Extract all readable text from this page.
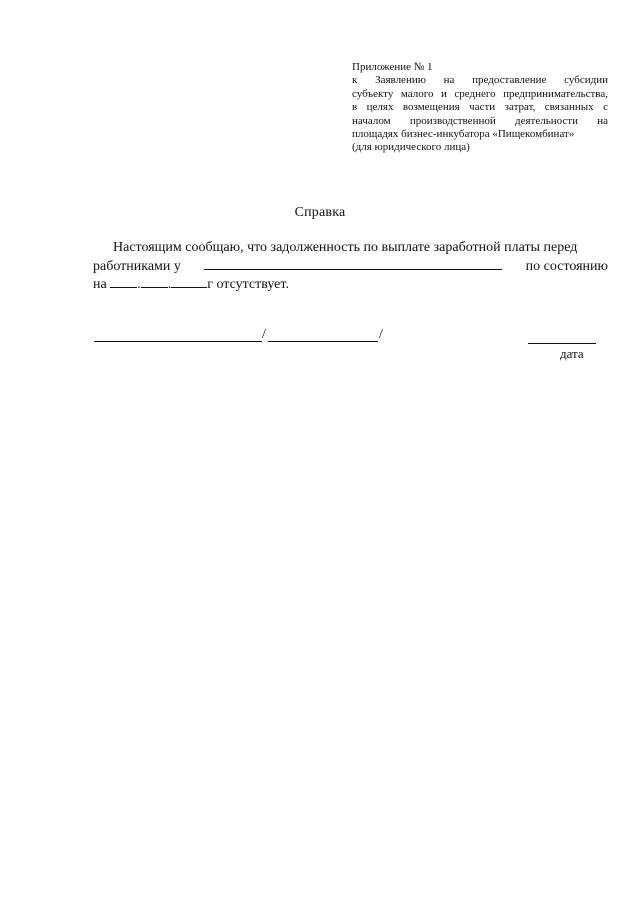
Приложение № 1
к Заявлению на предоставление субсидии
субъекту малого и среднего предпринимательства,
в целях возмещения части затрат, связанных с
началом производственной деятельности на
площадях бизнес-инкубатора «Пищекомбинат»
(для юридического лица)
Справка
Настоящим сообщаю, что задолженность по выплате заработной платы перед
работниками у	по состоянию
на . .	г отсутствует.
/	/
дата
